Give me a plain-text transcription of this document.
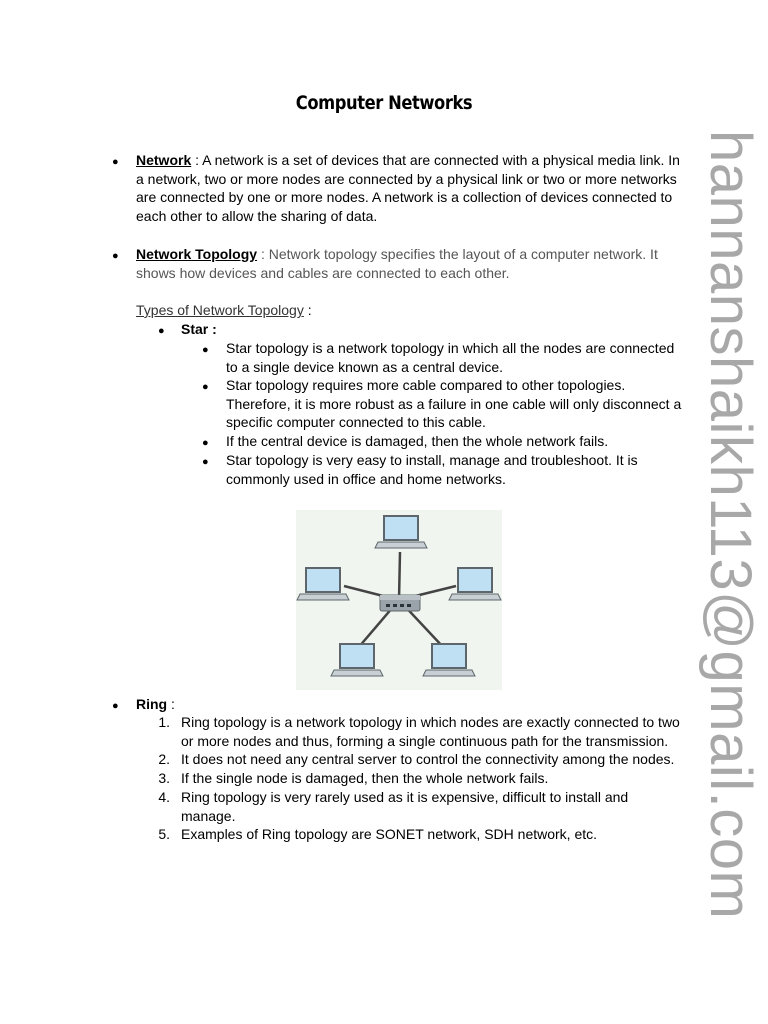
Computer Networks
● Network : A network is a set of devices that are connected with a physical media link. In
a network, two or more nodes are connected by a physical link or two or more networks
are connected by one or more nodes. A network is a collection of devices connected to
each other to allow the sharing of data.
● Network Topology : Network topology specifies the layout of a computer network. It
shows how devices and cables are connected to each other.
Types of Network Topology :
● Star :
● Star topology is a network topology in which all the nodes are connected
to a single device known as a central device.
● Star topology requires more cable compared to other topologies.
Therefore, it is more robust as a failure in one cable will only disconnect a
specific computer connected to this cable.
● If the central device is damaged, then the whole network fails.
● Star topology is very easy to install, manage and troubleshoot. It is
commonly used in office and home networks.
● Ring :
1. Ring topology is a network topology in which nodes are exactly connected to two
or more nodes and thus, forming a single continuous path for the transmission.
2. It does not need any central server to control the connectivity among the nodes.
3. If the single node is damaged, then the whole network fails.
4. Ring topology is very rarely used as it is expensive, difficult to install and
manage.
5. Examples of Ring topology are SONET network, SDH network, etc.	hannanshaikh113@gmail.com
